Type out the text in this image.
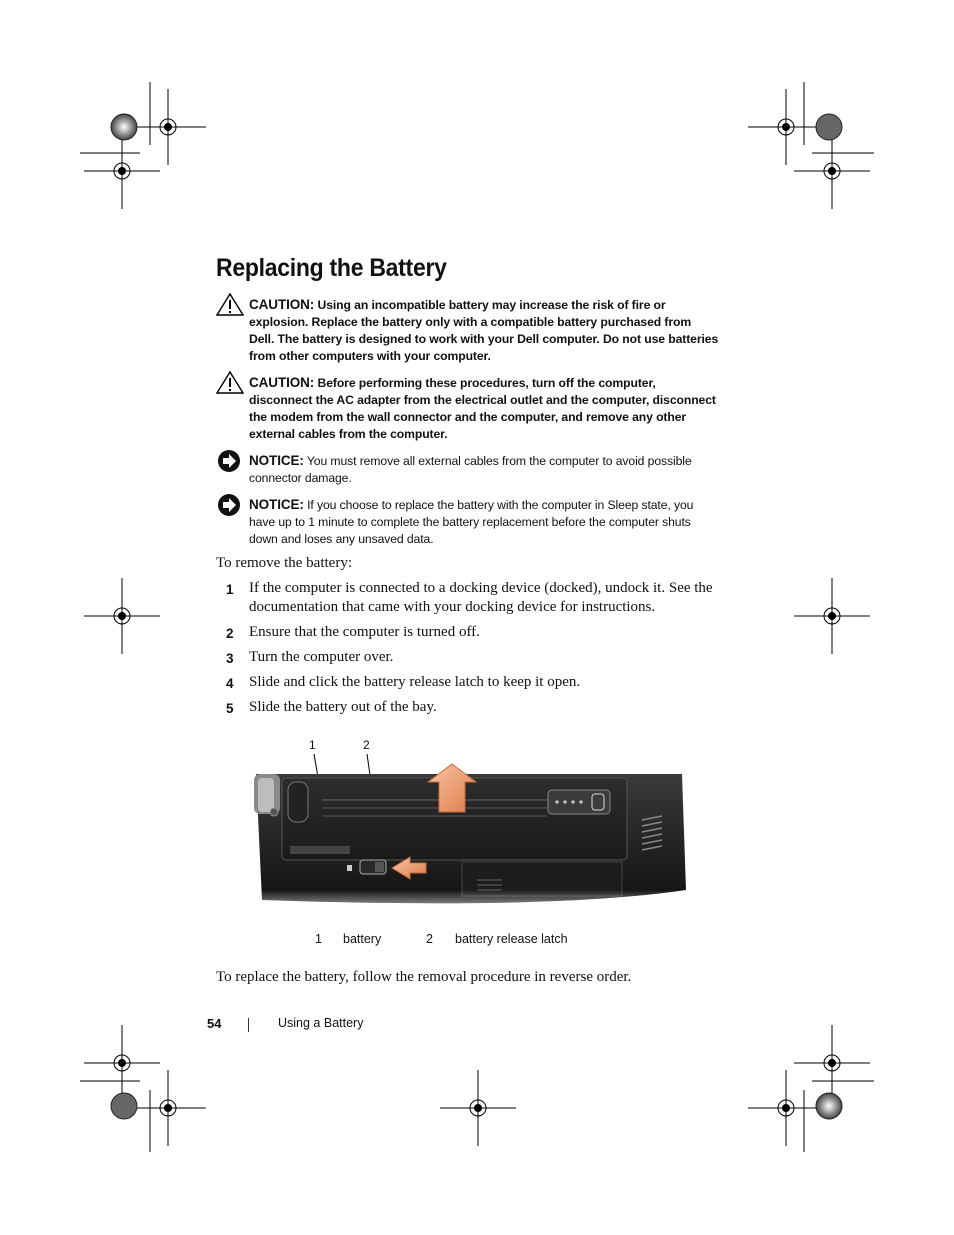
Replacing the Battery
CAUTION: Using an incompatible battery may increase the risk of fire or explosion. Replace the battery only with a compatible battery purchased from Dell. The battery is designed to work with your Dell computer. Do not use batteries from other computers with your computer.
CAUTION: Before performing these procedures, turn off the computer, disconnect the AC adapter from the electrical outlet and the computer, disconnect the modem from the wall connector and the computer, and remove any other external cables from the computer.
NOTICE: You must remove all external cables from the computer to avoid possible connector damage.
NOTICE: If you choose to replace the battery with the computer in Sleep state, you have up to 1 minute to complete the battery replacement before the computer shuts down and loses any unsaved data.
To remove the battery:
1 If the computer is connected to a docking device (docked), undock it. See the documentation that came with your docking device for instructions.
2 Ensure that the computer is turned off.
3 Turn the computer over.
4 Slide and click the battery release latch to keep it open.
5 Slide the battery out of the bay.
1	2
1 battery	2 battery release latch
To replace the battery, follow the removal procedure in reverse order.
54	Using a Battery
